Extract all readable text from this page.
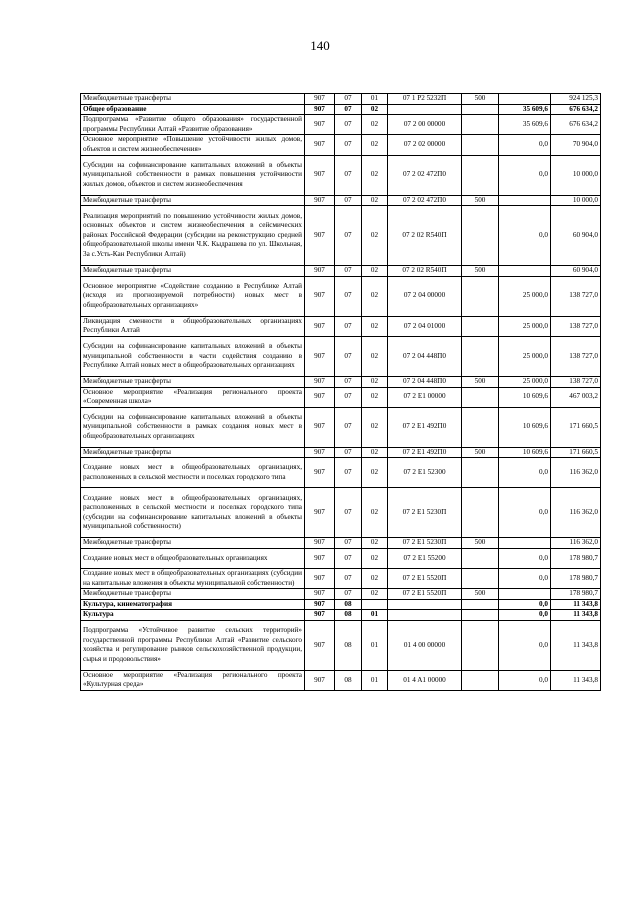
140
Межбюджетные трансферты	907	07	01	07 1 P2 5232П	500		924 125,3
Общее образование	907	07	02			35 609,6	676 634,2
Подпрограмма «Развитие общего образования» государственной программы Республики Алтай «Развитие образования»	907	07	02	07 2 00 00000		35 609,6	676 634,2
Основное мероприятие «Повышение устойчивости жилых домов, объектов и систем жизнеобеспечения»	907	07	02	07 2 02 00000		0,0	70 904,0
Субсидии на софинансирование капитальных вложений в объекты муниципальной собственности в рамках повышения устойчивости жилых домов, объектов и систем жизнеобеспечения	907	07	02	07 2 02 472П0		0,0	10 000,0
Межбюджетные трансферты	907	07	02	07 2 02 472П0	500		10 000,0
Реализация мероприятий по повышению устойчивости жилых домов, основных объектов и систем жизнеобеспечения в сейсмических районах Российской Федерации (субсидии на реконструкцию средней общеобразовательной школы имени Ч.К. Кыдрашева по ул. Школьная, 3а с.Усть-Кан Республики Алтай)	907	07	02	07 2 02 R540П		0,0	60 904,0
Межбюджетные трансферты	907	07	02	07 2 02 R540П	500		60 904,0
Основное мероприятие «Содействие созданию в Республике Алтай (исходя из прогнозируемой потребности) новых мест в общеобразовательных организациях»	907	07	02	07 2 04 00000		25 000,0	138 727,0
Ликвидация сменности в общеобразовательных организациях Республики Алтай	907	07	02	07 2 04 01000		25 000,0	138 727,0
Субсидии на софинансирование капитальных вложений в объекты муниципальной собственности в части содействия созданию в Республике Алтай новых мест в общеобразовательных организациях	907	07	02	07 2 04 448П0		25 000,0	138 727,0
Межбюджетные трансферты	907	07	02	07 2 04 448П0	500	25 000,0	138 727,0
Основное мероприятие «Реализация регионального проекта «Современная школа»	907	07	02	07 2 E1 00000		10 609,6	467 003,2
Субсидии на софинансирование капитальных вложений в объекты муниципальной собственности в рамках создания новых мест в общеобразовательных организациях	907	07	02	07 2 E1 492П0		10 609,6	171 660,5
Межбюджетные трансферты	907	07	02	07 2 E1 492П0	500	10 609,6	171 660,5
Создание новых мест в общеобразовательных организациях, расположенных в сельской местности и поселках городского типа	907	07	02	07 2 E1 52300		0,0	116 362,0
Создание новых мест в общеобразовательных организациях, расположенных в сельской местности и поселках городского типа (субсидии на софинансирование капитальных вложений в объекты муниципальной собственности)	907	07	02	07 2 E1 5230П		0,0	116 362,0
Межбюджетные трансферты	907	07	02	07 2 E1 5230П	500		116 362,0
Создание новых мест в общеобразовательных организациях	907	07	02	07 2 E1 55200		0,0	178 980,7
Создание новых мест в общеобразовательных организациях (субсидии на капитальные вложения в объекты муниципальной собственности)	907	07	02	07 2 E1 5520П		0,0	178 980,7
Межбюджетные трансферты	907	07	02	07 2 E1 5520П	500		178 980,7
Культура, кинематография	907	08				0,0	11 343,8
Культура	907	08	01			0,0	11 343,8
Подпрограмма «Устойчивое развитие сельских территорий» государственной программы Республики Алтай «Развитие сельского хозяйства и регулирование рынков сельскохозяйственной продукции, сырья и продовольствия»	907	08	01	01 4 00 00000		0,0	11 343,8
Основное мероприятие «Реализация регионального проекта «Культурная среда»	907	08	01	01 4 A1 00000		0,0	11 343,8
